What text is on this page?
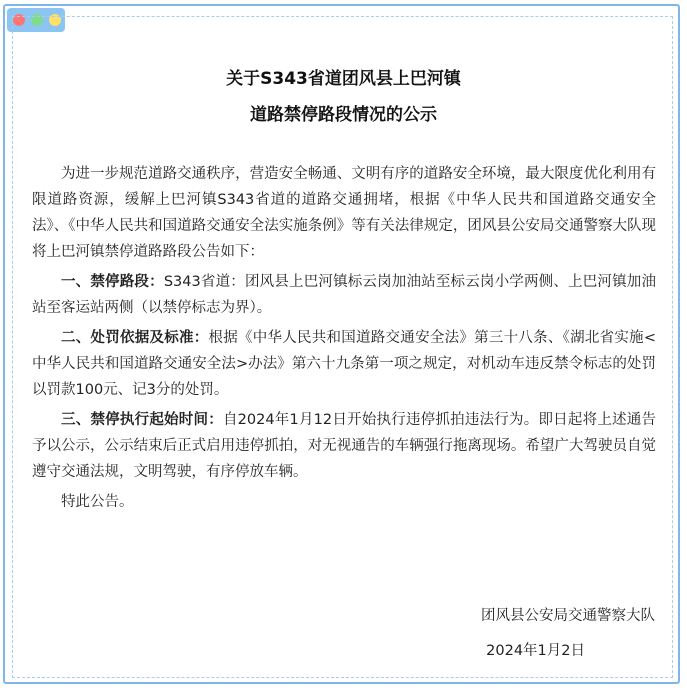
关于S343省道团风县上巴河镇
道路禁停路段情况的公示

为进一步规范道路交通秩序，营造安全畅通、文明有序的道路安全环境，最大限度优化利用有限道路资源，缓解上巴河镇S343省道的道路交通拥堵，根据《中华人民共和国道路交通安全法》、《中华人民共和国道路交通安全法实施条例》等有关法律规定，团风县公安局交通警察大队现将上巴河镇禁停道路路段公告如下：

一、禁停路段：S343省道：团风县上巴河镇标云岗加油站至标云岗小学两侧、上巴河镇加油站至客运站两侧（以禁停标志为界）。

二、处罚依据及标准：根据《中华人民共和国道路交通安全法》第三十八条、《湖北省实施<中华人民共和国道路交通安全法>办法》第六十九条第一项之规定，对机动车违反禁令标志的处罚以罚款100元、记3分的处罚。

三、禁停执行起始时间：自2024年1月12日开始执行违停抓拍违法行为。即日起将上述通告予以公示，公示结束后正式启用违停抓拍，对无视通告的车辆强行拖离现场。希望广大驾驶员自觉遵守交通法规，文明驾驶，有序停放车辆。

特此公告。

团风县公安局交通警察大队
2024年1月2日
